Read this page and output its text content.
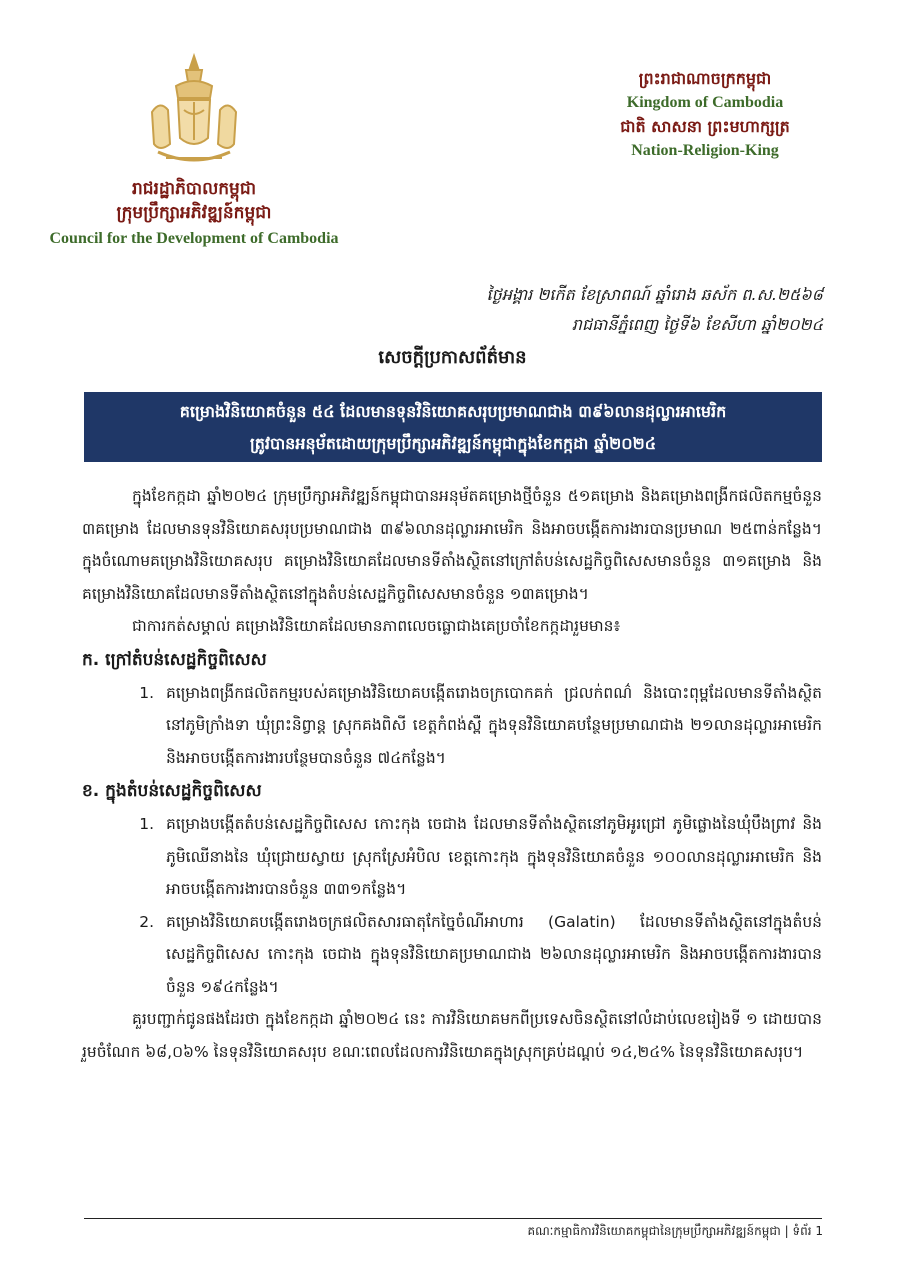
រាជរដ្ឋាភិបាលកម្ពុជា
ក្រុមប្រឹក្សាអភិវឌ្ឍន៍កម្ពុជា
Council for the Development of Cambodia
ព្រះរាជាណាចក្រកម្ពុជា
Kingdom of Cambodia
ជាតិ សាសនា ព្រះមហាក្សត្រ
Nation-Religion-King
ថ្ងៃអង្គារ ២កើត ខែស្រាពណ៍ ឆ្នាំរោង ឆស័ក ព.ស.២៥៦៨
រាជធានីភ្នំពេញ ថ្ងៃទី៦ ខែសីហា ឆ្នាំ២០២៤
សេចក្តីប្រកាសព័ត៌មាន
គម្រោងវិនិយោគចំនួន ៥៤ ដែលមានទុនវិនិយោគសរុបប្រមាណជាង ៣៩៦លានដុល្លារអាមេរិក
ត្រូវបានអនុម័តដោយក្រុមប្រឹក្សាអភិវឌ្ឍន៍កម្ពុជាក្នុងខែកក្កដា ឆ្នាំ២០២៤

ក្នុងខែកក្កដា ឆ្នាំ២០២៤ ក្រុមប្រឹក្សាអភិវឌ្ឍន៍កម្ពុជាបានអនុម័តគម្រោងថ្មីចំនួន ៥១គម្រោង និងគម្រោងពង្រីកផលិតកម្មចំនួន ៣គម្រោង ដែលមានទុនវិនិយោគសរុបប្រមាណជាង ៣៩៦លានដុល្លារអាមេរិក និងអាចបង្កើតការងារបានប្រមាណ ២៥ពាន់កន្លែង។ ក្នុងចំណោមគម្រោងវិនិយោគសរុប គម្រោងវិនិយោគដែលមានទីតាំងស្ថិតនៅក្រៅតំបន់សេដ្ឋកិច្ចពិសេសមានចំនួន ៣១គម្រោង និងគម្រោងវិនិយោគដែលមានទីតាំងស្ថិតនៅក្នុងតំបន់សេដ្ឋកិច្ចពិសេសមានចំនួន ១៣គម្រោង។

ជាការកត់សម្គាល់ គម្រោងវិនិយោគដែលមានភាពលេចធ្លោជាងគេប្រចាំខែកក្កដារួមមាន៖

ក. ក្រៅតំបន់សេដ្ឋកិច្ចពិសេស

1. គម្រោងពង្រីកផលិតកម្មរបស់គម្រោងវិនិយោគបង្កើតរោងចក្របោកគក់ ជ្រលក់ពណ៌ និងបោះពុម្ពដែលមានទីតាំងស្ថិតនៅភូមិក្រាំងទា ឃុំព្រះនិព្វាន្ត ស្រុកគងពិសី ខេត្តកំពង់ស្ពឺ ក្នុងទុនវិនិយោគបន្ថែមប្រមាណជាង ២១លានដុល្លារអាមេរិក និងអាចបង្កើតការងារបន្ថែមបានចំនួន ៧៤កន្លែង។

ខ. ក្នុងតំបន់សេដ្ឋកិច្ចពិសេស

1. គម្រោងបង្កើតតំបន់សេដ្ឋកិច្ចពិសេស កោះកុង ចេជាង ដែលមានទីតាំងស្ថិតនៅភូមិអូរជ្រៅ ភូមិផ្លោងនៃឃុំបឹងព្រាវ និងភូមិឈើនាងនៃ ឃុំជ្រោយស្វាយ ស្រុកស្រែអំបិល ខេត្តកោះកុង ក្នុងទុនវិនិយោគចំនួន ១០០លានដុល្លារអាមេរិក និងអាចបង្កើតការងារបានចំនួន ៣៣១កន្លែង។
2. គម្រោងវិនិយោគបង្កើតរោងចក្រផលិតសារធាតុកែច្នៃចំណីអាហារ (Galatin) ដែលមានទីតាំងស្ថិតនៅក្នុងតំបន់សេដ្ឋកិច្ចពិសេស កោះកុង ចេជាង ក្នុងទុនវិនិយោគប្រមាណជាង ២៦លានដុល្លារអាមេរិក និងអាចបង្កើតការងារបានចំនួន ១៩៤កន្លែង។

គួរបញ្ជាក់ជូនផងដែរថា ក្នុងខែកក្កដា ឆ្នាំ២០២៤ នេះ ការវិនិយោគមកពីប្រទេសចិនស្ថិតនៅលំដាប់លេខរៀងទី ១ ដោយបានរួមចំណែក ៦៨,០៦% នៃទុនវិនិយោគសរុប ខណៈពេលដែលការវិនិយោគក្នុងស្រុកគ្រប់ដណ្តប់ ១៤,២៤% នៃទុនវិនិយោគសរុប។

គណៈកម្មាធិការវិនិយោគកម្ពុជានៃក្រុមប្រឹក្សាអភិវឌ្ឍន៍កម្ពុជា | ទំព័រ 1
